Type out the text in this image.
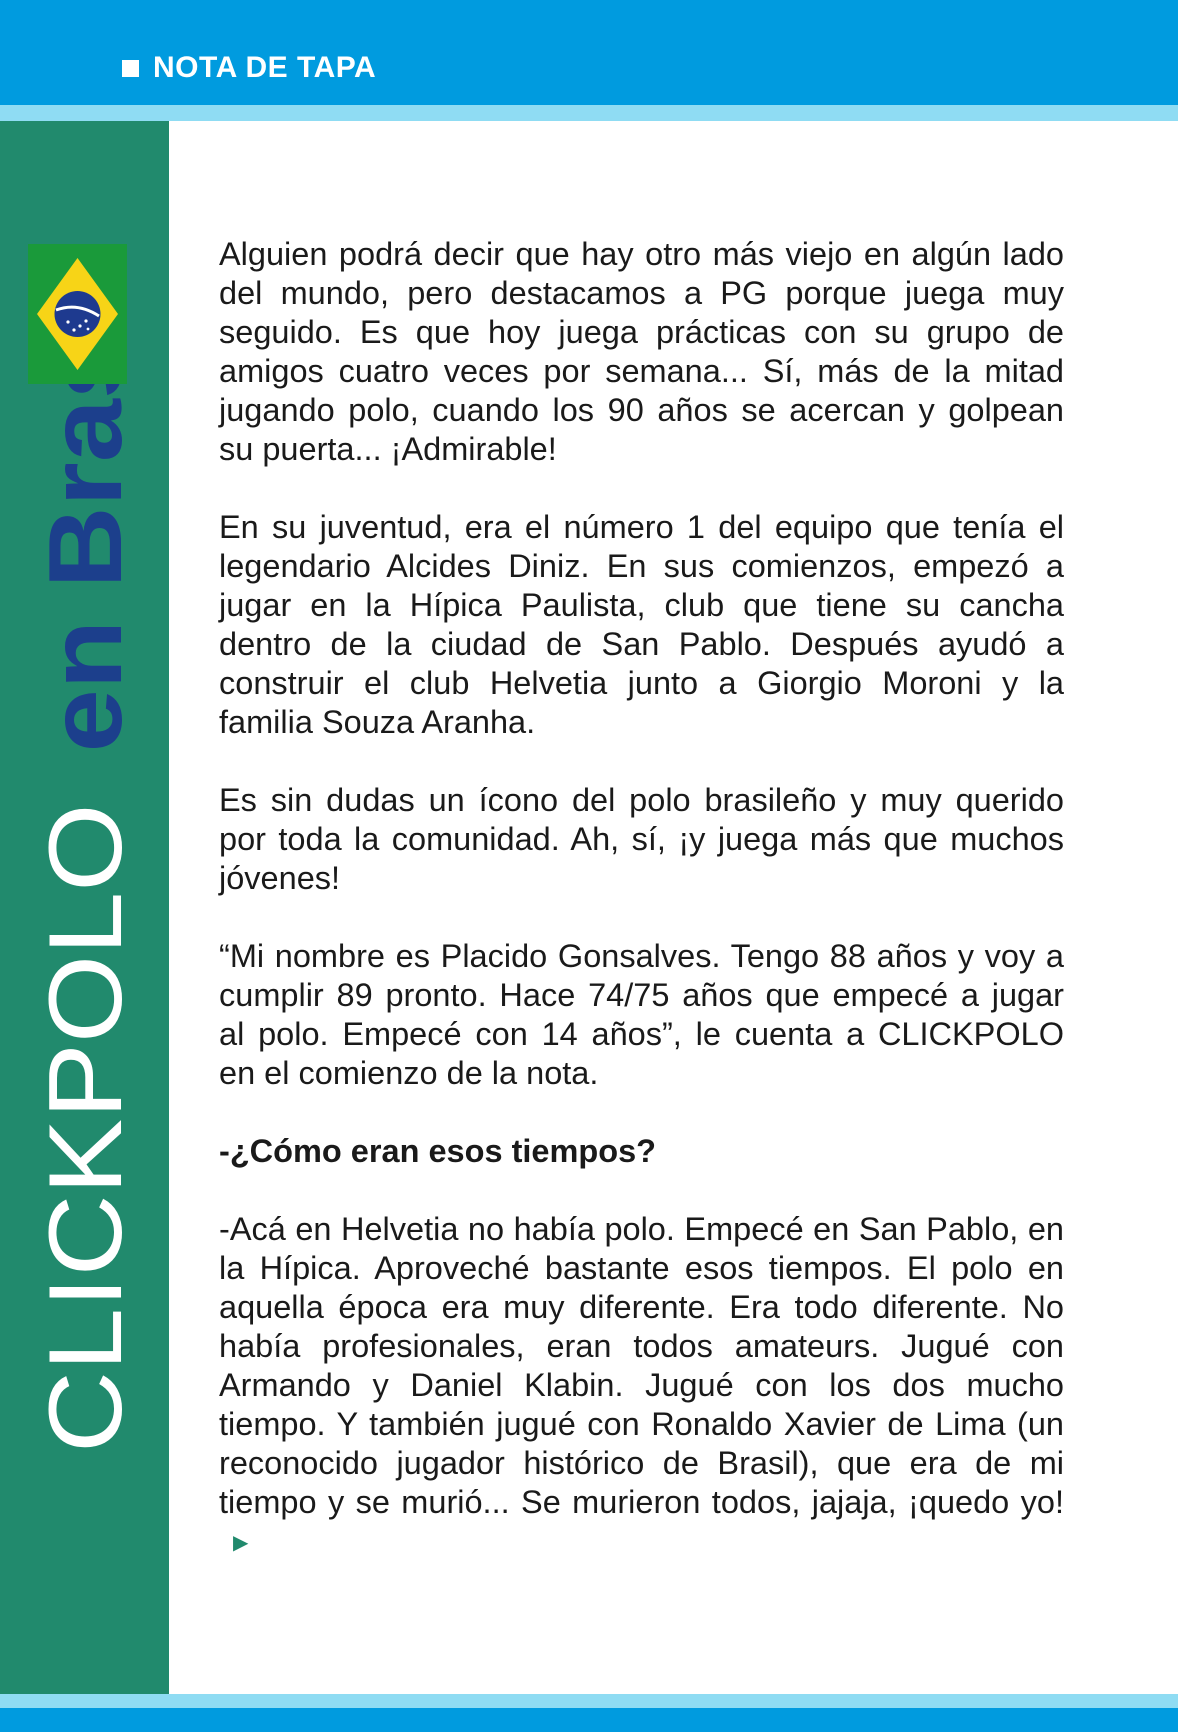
NOTA DE TAPA
CLICKPOLO en Brasil

Alguien podrá decir que hay otro más viejo en algún lado del mundo, pero destacamos a PG porque juega muy seguido. Es que hoy juega prácticas con su grupo de amigos cuatro veces por semana... Sí, más de la mitad jugando polo, cuando los 90 años se acercan y golpean su puerta... ¡Admirable!

En su juventud, era el número 1 del equipo que tenía el legendario Alcides Diniz. En sus comienzos, empezó a jugar en la Hípica Paulista, club que tiene su cancha dentro de la ciudad de San Pablo. Después ayudó a construir el club Helvetia junto a Giorgio Moroni y la familia Souza Aranha.

Es sin dudas un ícono del polo brasileño y muy querido por toda la comunidad. Ah, sí, ¡y juega más que muchos jóvenes!

“Mi nombre es Placido Gonsalves. Tengo 88 años y voy a cumplir 89 pronto. Hace 74/75 años que empecé a jugar al polo. Empecé con 14 años”, le cuenta a CLICKPOLO en el comienzo de la nota.

-¿Cómo eran esos tiempos?

-Acá en Helvetia no había polo. Empecé en San Pablo, en la Hípica. Aproveché bastante esos tiempos. El polo en aquella época era muy diferente. Era todo diferente. No había profesionales, eran todos amateurs. Jugué con Armando y Daniel Klabin. Jugué con los dos mucho tiempo. Y también jugué con Ronaldo Xavier de Lima (un reconocido jugador histórico de Brasil), que era de mi tiempo y se murió... Se murieron todos, jajaja, ¡quedo yo!▶
